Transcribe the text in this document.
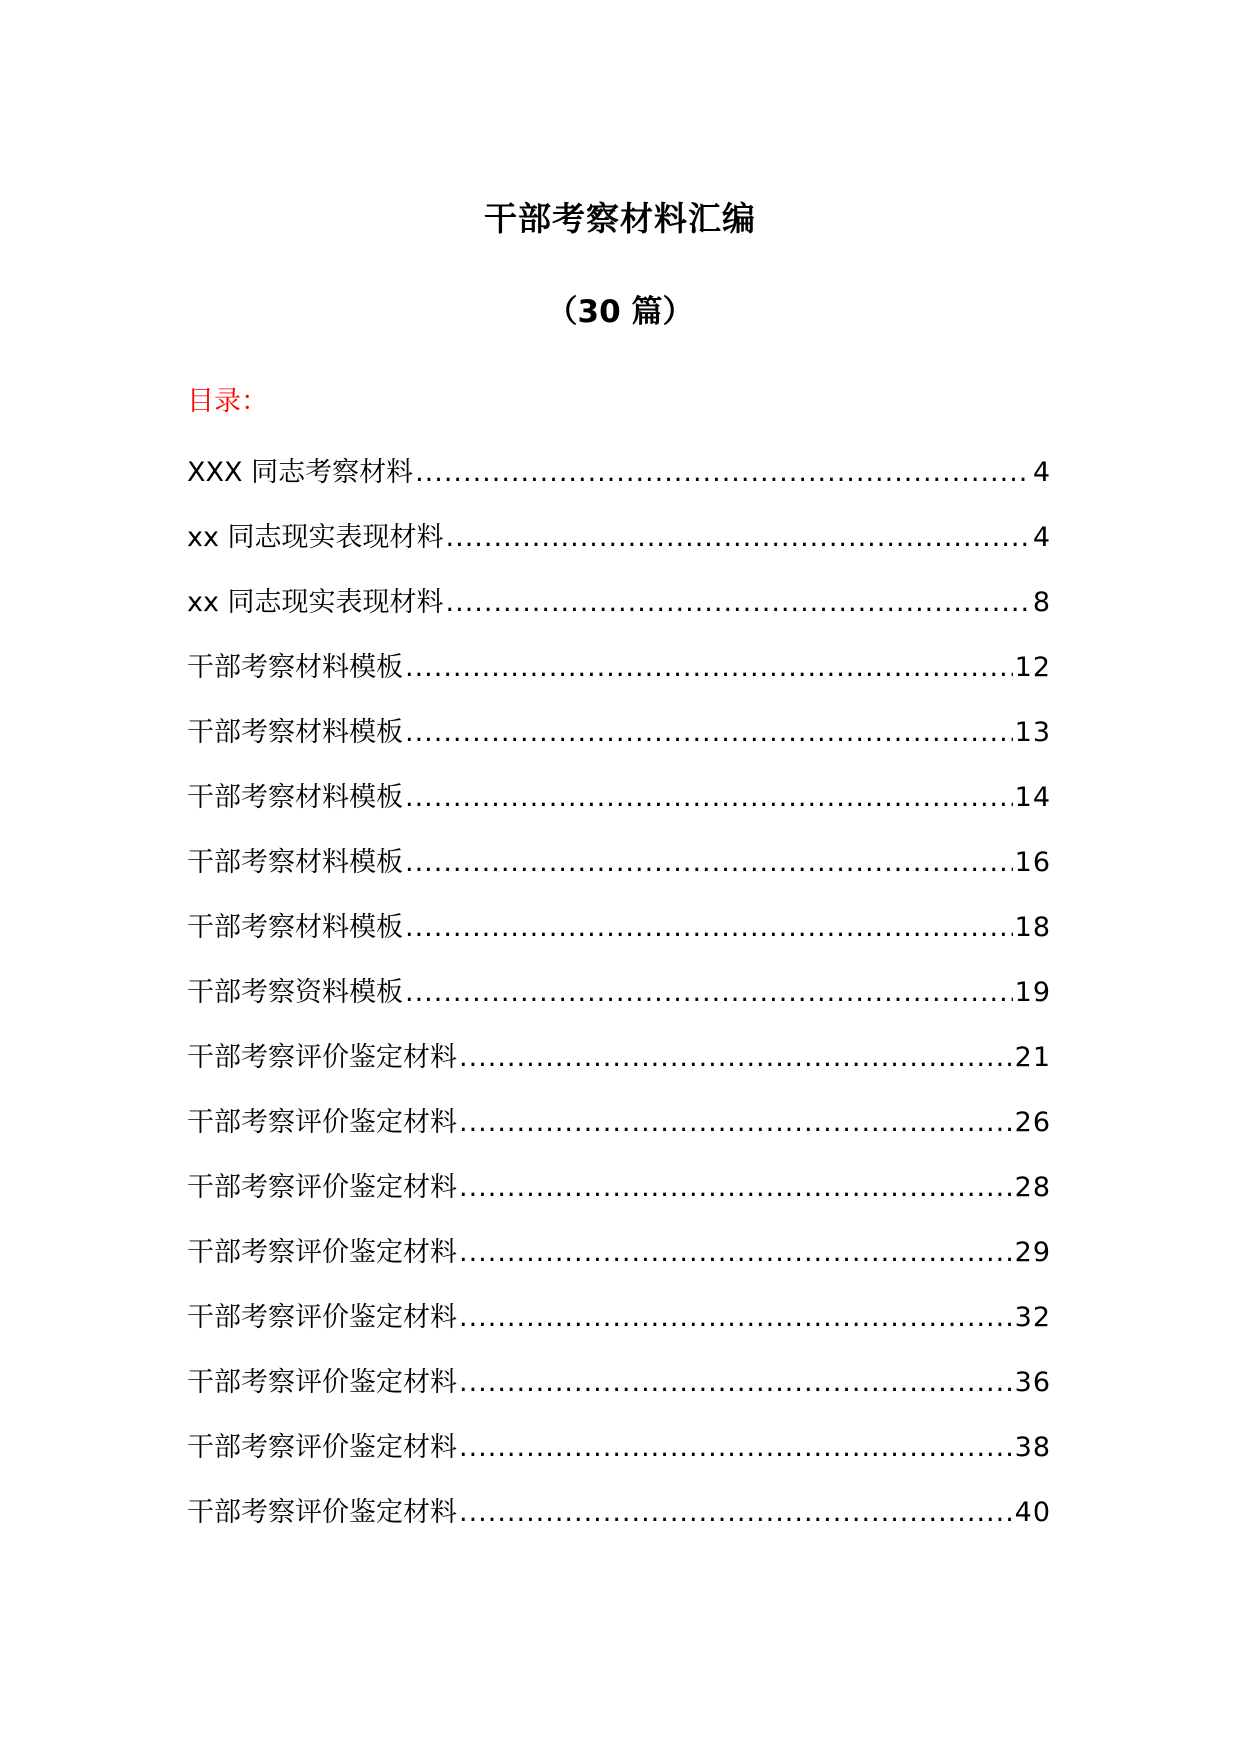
干部考察材料汇编
（30 篇）
目录：
XXX 同志考察材料 .....	4
xx 同志现实表现材料 .....	4
xx 同志现实表现材料 .....	8
干部考察材料模板 .....	12
干部考察材料模板 .....	13
干部考察材料模板 .....	14
干部考察材料模板 .....	16
干部考察材料模板 .....	18
干部考察资料模板 .....	19
干部考察评价鉴定材料 .....	21
干部考察评价鉴定材料 .....	26
干部考察评价鉴定材料 .....	28
干部考察评价鉴定材料 .....	29
干部考察评价鉴定材料 .....	32
干部考察评价鉴定材料 .....	36
干部考察评价鉴定材料 .....	38
干部考察评价鉴定材料 .....	40
